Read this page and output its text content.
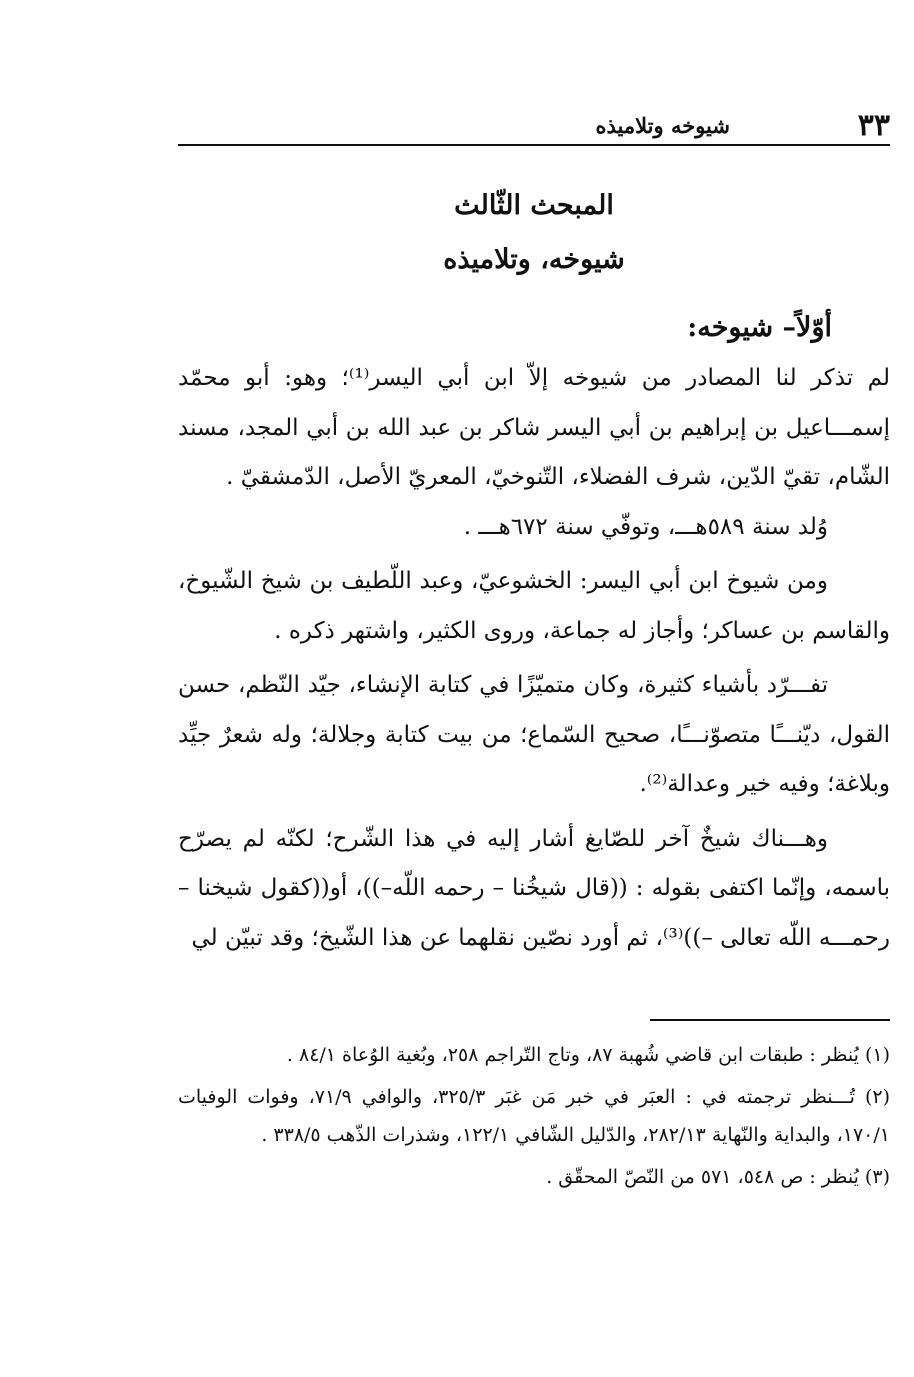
٣٣
شيوخه وتلاميذه
المبحث الثّالث
شيوخه، وتلاميذه
أوّلاً– شيوخه:

لم تذكر لنا المصادر من شيوخه إلاّ ابن أبي اليسر⁽¹⁾؛ وهو: أبو محمّد إسمـــاعيل بن إبراهيم بن أبي اليسر شاكر بن عبد الله بن أبي المجد، مسند الشّام، تقيّ الدّين، شرف الفضلاء، التّنوخيّ، المعريّ الأصل، الدّمشقيّ .

وُلد سنة ٥٨٩هـــ، وتوفّي سنة ٦٧٢هـــ .

ومن شيوخ ابن أبي اليسر: الخشوعيّ، وعبد اللّطيف بن شيخ الشّيوخ، والقاسم بن عساكر؛ وأجاز له جماعة، وروى الكثير، واشتهر ذكره .

تفـــرّد بأشياء كثيرة، وكان متميّزًا في كتابة الإنشاء، جيّد النّظم، حسن القول، ديّنـــًا متصوّنـــًا، صحيح السّماع؛ من بيت كتابة وجلالة؛ وله شعرٌ جيِّد وبلاغة؛ وفيه خير وعدالة⁽²⁾.

وهـــناك شيخٌ آخر للصّايغ أشار إليه في هذا الشّرح؛ لكنّه لم يصرّح باسمه، وإنّما اكتفى بقوله : ((قال شيخُنا – رحمه اللّه–))، أو((كقول شيخنا – رحمـــه اللّه تعالى –))⁽³⁾، ثم أورد نصّين نقلهما عن هذا الشّيخ؛ وقد تبيّن لي

(١) يُنظر : طبقات ابن قاضي شُهبة ٨٧، وتاج التّراجم ٢٥٨، وبُغية الوُعاة ٨٤/١ .

(٢) تُـــنظر ترجمته في : العبَر في خبر مَن غبَر ٣٢٥/٣، والوافي ٧١/٩، وفوات الوفيات ١٧٠/١، والبداية والنّهاية ٢٨٢/١٣، والدّليل الشّافي ١٢٢/١، وشذرات الذّهب ٣٣٨/٥ .

(٣) يُنظر : ص ٥٤٨، ٥٧١ من النّصّ المحقّق .
